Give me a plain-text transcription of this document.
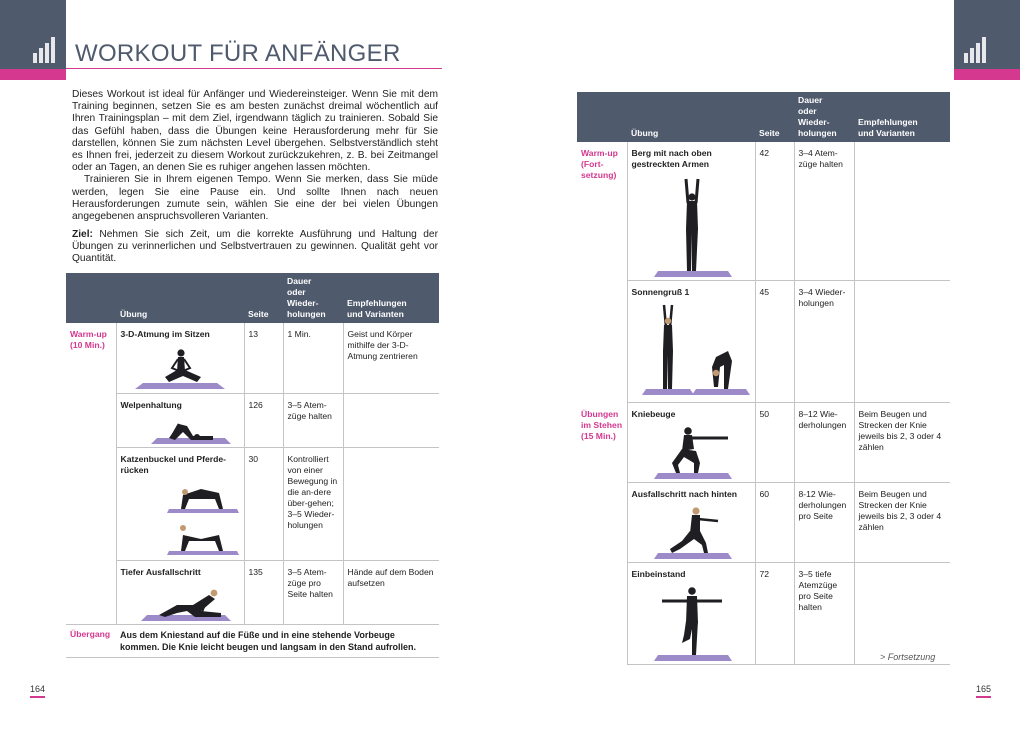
WORKOUT FÜR ANFÄNGER

Dieses Workout ist ideal für Anfänger und Wiedereinsteiger. Wenn Sie mit dem Training beginnen, setzen Sie es am besten zunächst dreimal wöchentlich auf Ihren Trainingsplan – mit dem Ziel, irgendwann täglich zu trainieren. Sobald Sie das Gefühl haben, dass die Übungen keine Herausforderung mehr für Sie darstellen, können Sie zum nächsten Level übergehen. Selbstverständlich steht es Ihnen frei, jederzeit zu diesem Workout zurückzukehren, z. B. bei Zeitmangel oder an Tagen, an denen Sie es ruhiger angehen lassen möchten.

Trainieren Sie in Ihrem eigenen Tempo. Wenn Sie merken, dass Sie müde werden, legen Sie eine Pause ein. Und sollte Ihnen nach neuen Herausforderungen zumute sein, wählen Sie eine der bei vielen Übungen angegebenen anspruchsvolleren Varianten.

Ziel: Nehmen Sie sich Zeit, um die korrekte Ausführung und Haltung der Übungen zu verinnerlichen und Selbstvertrauen zu gewinnen. Qualität geht vor Quantität.
	Übung	Seite	Dauer
oder Wieder-
holungen	Empfehlungen
und Varianten
Warm-up
(10 Min.)	3-D-Atmung im Sitzen	13	1 Min.	Geist und Körper mithilfe der 3-D-Atmung zentrieren

	Welpenhaltung	126	3–5 Atem-züge halten	

	Katzenbuckel und Pferde-rücken	30	Kontrolliert von einer Bewegung in die an-dere über-gehen; 3–5 Wieder-holungen	

	Tiefer Ausfallschritt	135	3–5 Atem-züge pro Seite halten	Hände auf dem Boden aufsetzen
Übergang	Aus dem Kniestand auf die Füße und in eine stehende Vorbeuge kommen. Die Knie leicht beugen und langsam in den Stand aufrollen.			
	Übung	Seite	Dauer
oder Wieder-
holungen	Empfehlungen
und Varianten
Warm-up
(Fort-
setzung)	Berg mit nach oben gestreckten Armen	42	3–4 Atem-züge halten	

	Sonnengruß 1	45	3–4 Wieder-holungen	
Übungen
im Stehen
(15 Min.)	Kniebeuge	50	8–12 Wie-derholungen	Beim Beugen und Strecken der Knie jeweils bis 2, 3 oder 4 zählen

	Ausfallschritt nach hinten	60	8-12 Wie-derholungen pro Seite	Beim Beugen und Strecken der Knie jeweils bis 2, 3 oder 4 zählen

	Einbeinstand	72	3–5 tiefe Atemzüge pro Seite halten	
> Fortsetzung
164	165
